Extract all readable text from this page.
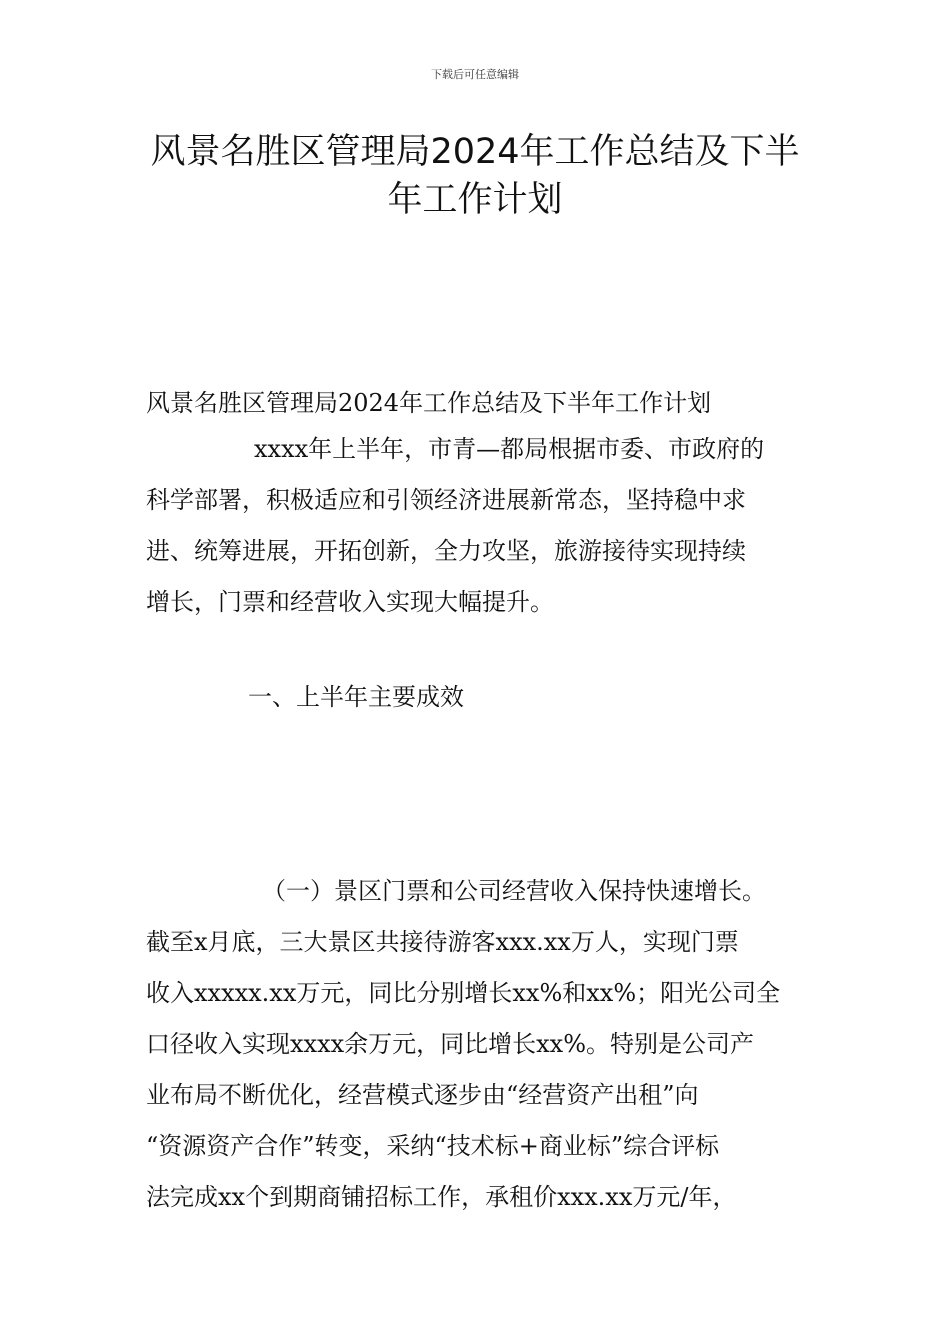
下载后可任意编辑
风景名胜区管理局2024年工作总结及下半
年工作计划

风景名胜区管理局2024年工作总结及下半年工作计划

xxxx年上半年，市青—都局根据市委、市政府的
科学部署，积极适应和引领经济进展新常态，坚持稳中求
进、统筹进展，开拓创新，全力攻坚，旅游接待实现持续
增长，门票和经营收入实现大幅提升。

一、上半年主要成效

（一）景区门票和公司经营收入保持快速增长。
截至x月底，三大景区共接待游客xxx.xx万人，实现门票
收入xxxxx.xx万元，同比分别增长xx%和xx%；阳光公司全
口径收入实现xxxx余万元，同比增长xx%。特别是公司产
业布局不断优化，经营模式逐步由“经营资产出租”向
“资源资产合作”转变，采纳“技术标+商业标”综合评标
法完成xx个到期商铺招标工作，承租价xxx.xx万元/年，
